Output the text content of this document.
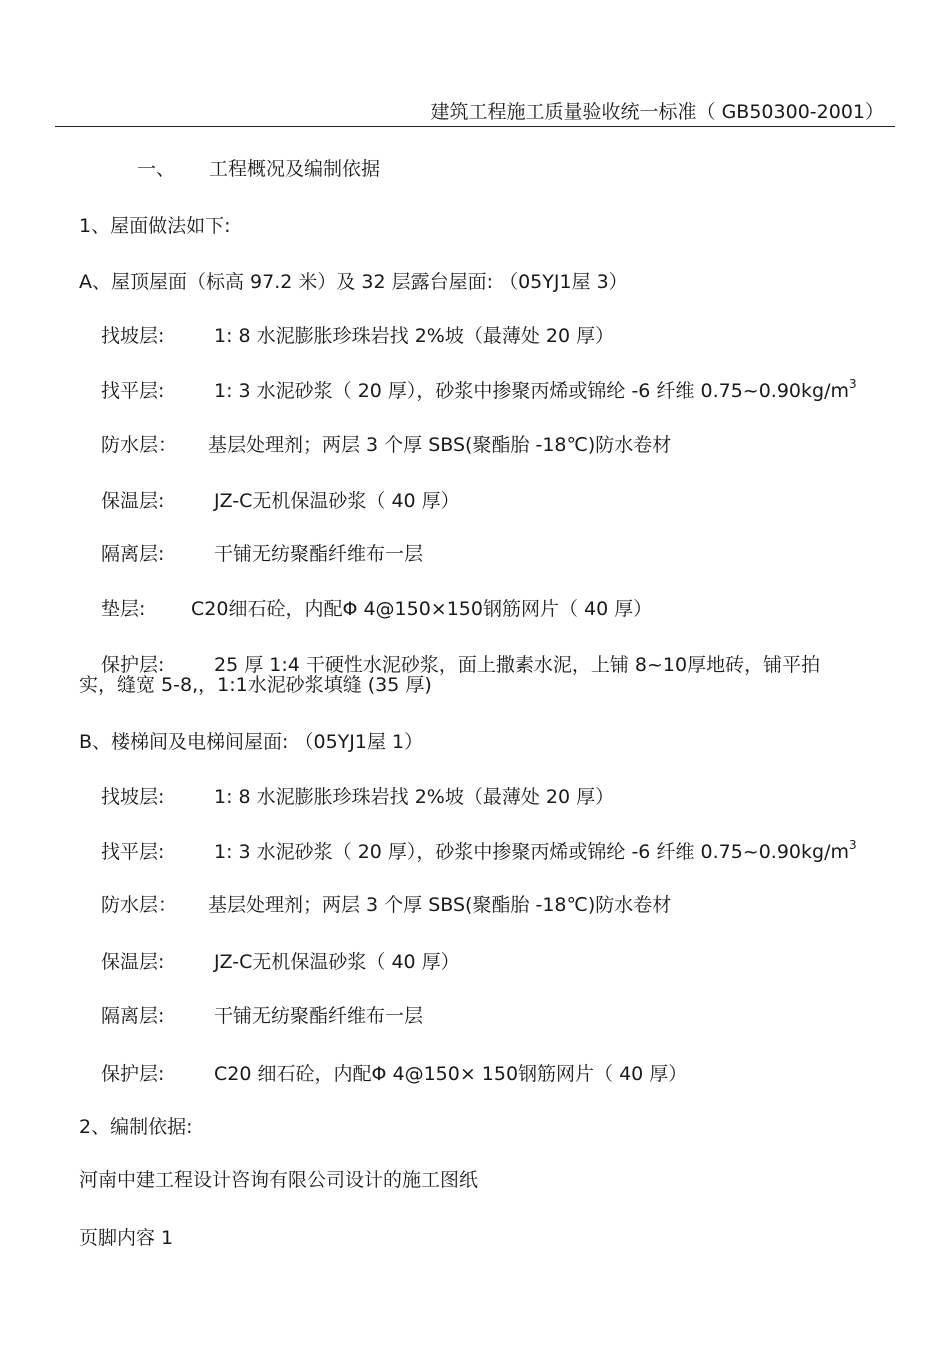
建筑工程施工质量验收统一标准（ GB50300-2001）
一、 工程概况及编制依据
1、屋面做法如下:
A、屋顶屋面（标高 97.2 米）及 32 层露台屋面: （05YJ1屋 3）
找坡层:	1: 8 水泥膨胀珍珠岩找 2%坡（最薄处 20 厚）
找平层:	1: 3 水泥砂浆（ 20 厚），砂浆中掺聚丙烯或锦纶 -6 纤维 $0.75\sim 0.90kg/m^3$
防水层： 基层处理剂；两层 3 个厚 SBS(聚酯胎 -18℃)防水卷材
保温层:	JZ-C无机保温砂浆（ 40 厚）
隔离层:	干铺无纺聚酯纤维布一层
垫层: C20细石砼，内配Φ 4@150×150钢筋网片（ 40 厚）
保护层:	25 厚 1:4 干硬性水泥砂浆，面上撒素水泥，上铺 8~10厚地砖，铺平拍
实，缝宽 5-8,，1:1水泥砂浆填缝 (35 厚)
B、楼梯间及电梯间屋面: （05YJ1屋 1）
找坡层:	1: 8 水泥膨胀珍珠岩找 2%坡（最薄处 20 厚）
找平层:	1: 3 水泥砂浆（ 20 厚），砂浆中掺聚丙烯或锦纶 -6 纤维 $0.75\sim 0.90kg/m^3$
防水层： 基层处理剂；两层 3 个厚 SBS(聚酯胎 -18℃)防水卷材
保温层:	JZ-C无机保温砂浆（ 40 厚）
隔离层:	干铺无纺聚酯纤维布一层
保护层:	C20 细石砼，内配Φ 4@150× 150钢筋网片（ 40 厚）
2、编制依据:
河南中建工程设计咨询有限公司设计的施工图纸
页脚内容 1
